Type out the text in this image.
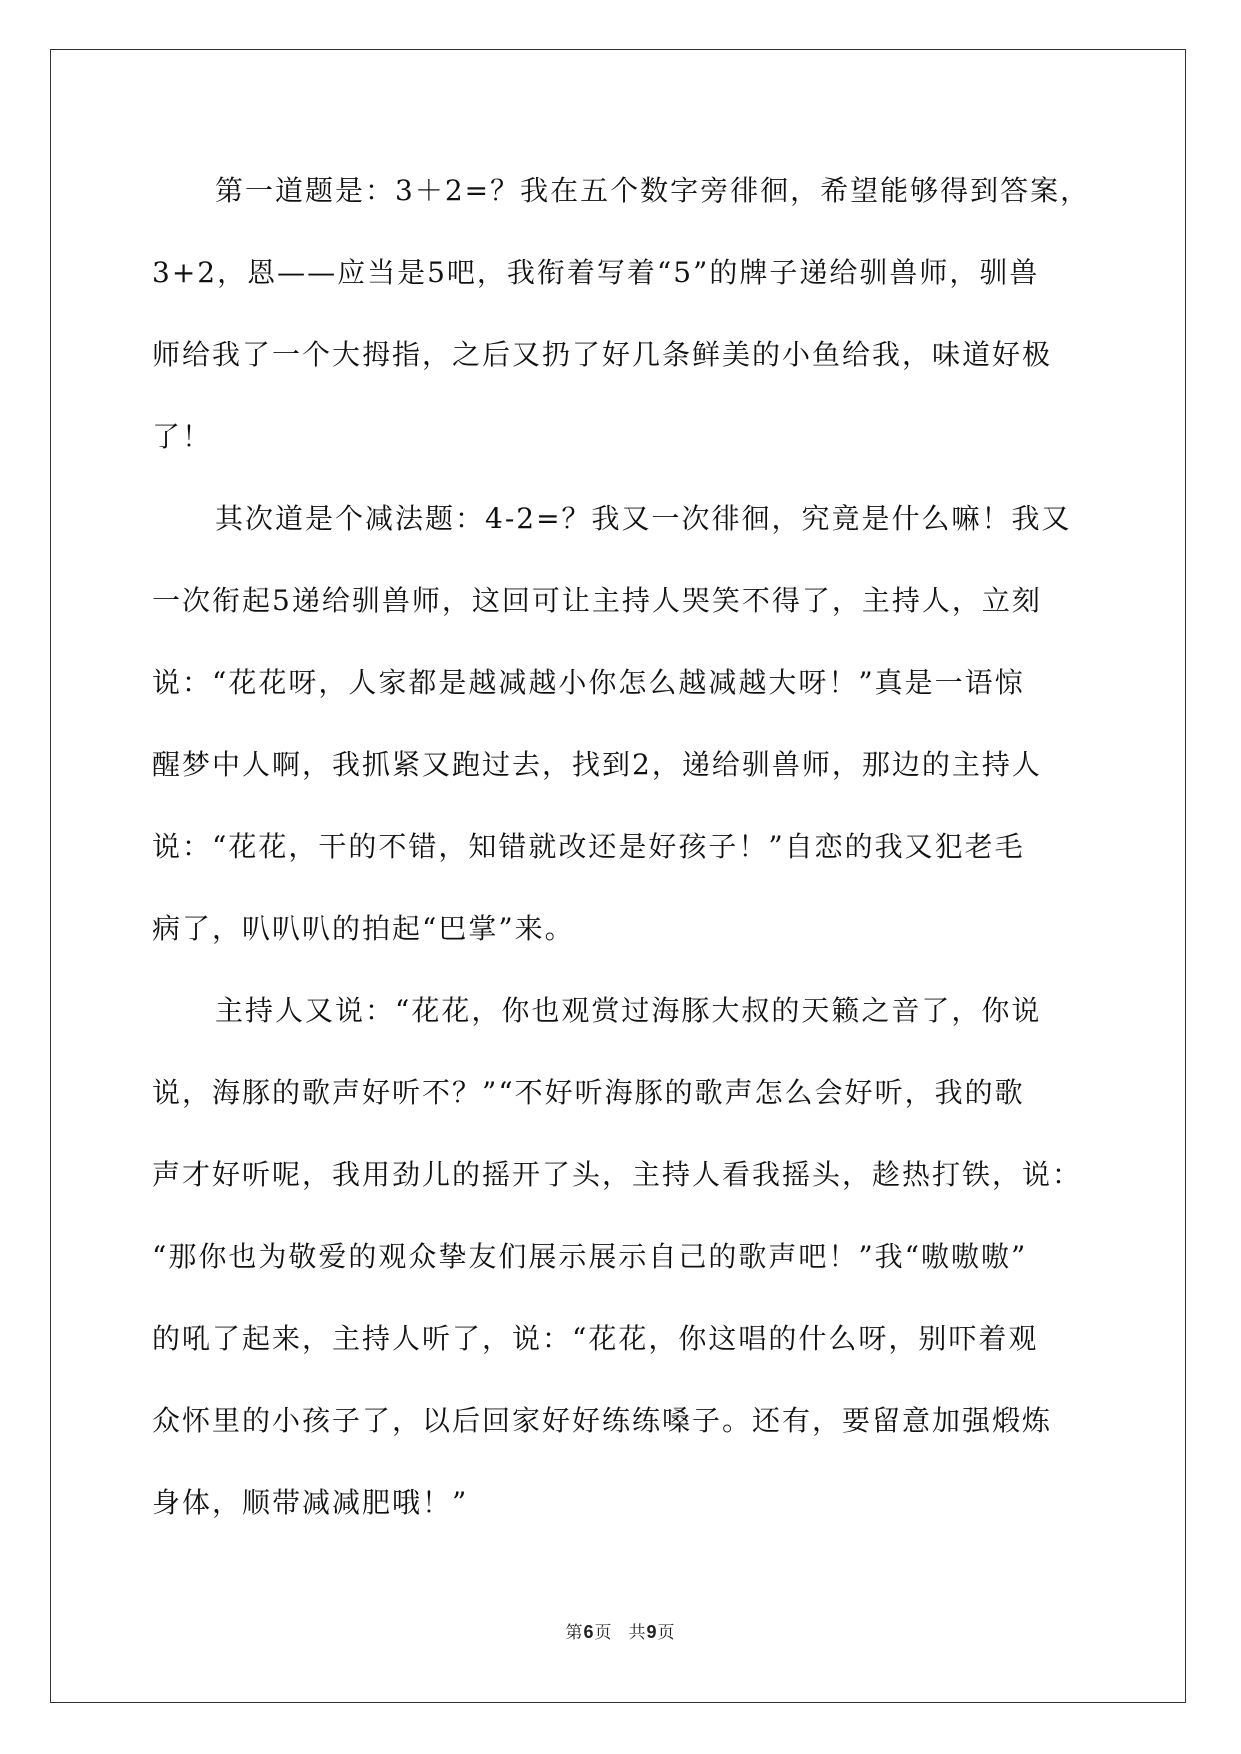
第一道题是：3＋2=？我在五个数字旁徘徊，希望能够得到答案，

3+2，恩——应当是5吧，我衔着写着“5”的牌子递给驯兽师，驯兽

师给我了一个大拇指，之后又扔了好几条鲜美的小鱼给我，味道好极

了！

其次道是个减法题：4-2=？我又一次徘徊，究竟是什么嘛！我又

一次衔起5递给驯兽师，这回可让主持人哭笑不得了，主持人，立刻

说：“花花呀，人家都是越减越小你怎么越减越大呀！”真是一语惊

醒梦中人啊，我抓紧又跑过去，找到2，递给驯兽师，那边的主持人

说：“花花，干的不错，知错就改还是好孩子！”自恋的我又犯老毛

病了，叭叭叭的拍起“巴掌”来。

主持人又说：“花花，你也观赏过海豚大叔的天籁之音了，你说

说，海豚的歌声好听不？”“不好听海豚的歌声怎么会好听，我的歌

声才好听呢，我用劲儿的摇开了头，主持人看我摇头，趁热打铁，说：

“那你也为敬爱的观众挚友们展示展示自己的歌声吧！”我“嗷嗷嗷”

的吼了起来，主持人听了，说：“花花，你这唱的什么呀，别吓着观

众怀里的小孩子了，以后回家好好练练嗓子。还有，要留意加强煅炼

身体，顺带减减肥哦！”

第6页 共9页
